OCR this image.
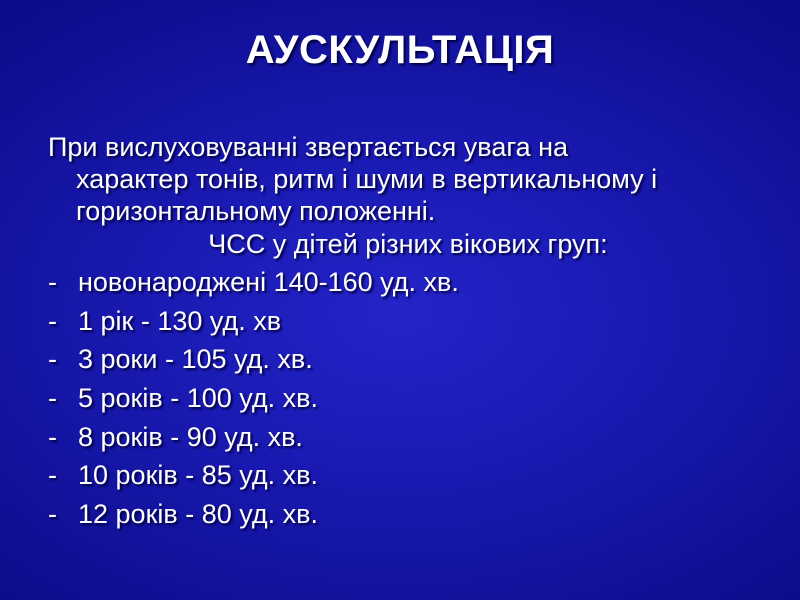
АУСКУЛЬТАЦІЯ
При вислуховуванні звертається увага на
характер тонів, ритм і шуми в вертикальному і
горизонтальному положенні.
ЧСС у дітей різних вікових груп:
- новонароджені 140-160 уд. хв.
- 1 рік - 130 уд. хв
- 3 роки - 105 уд. хв.
- 5 років - 100 уд. хв.
- 8 років - 90 уд. хв.
- 10 років - 85 уд. хв.
- 12 років - 80 уд. хв.
